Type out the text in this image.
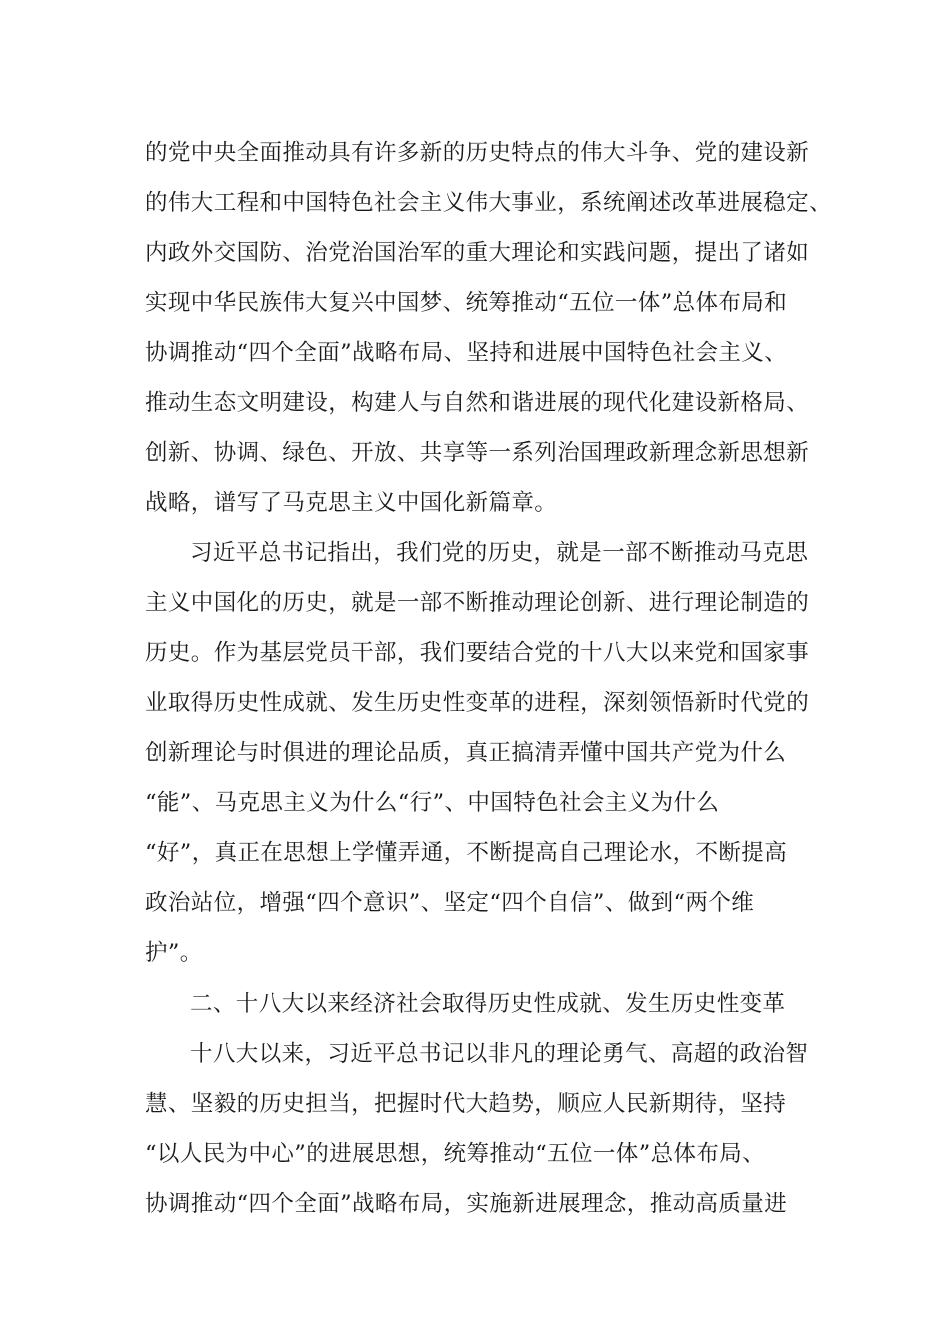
的党中央全面推动具有许多新的历史特点的伟大斗争、党的建设新
的伟大工程和中国特色社会主义伟大事业，系统阐述改革进展稳定、
内政外交国防、治党治国治军的重大理论和实践问题，提出了诸如
实现中华民族伟大复兴中国梦、统筹推动“五位一体”总体布局和
协调推动“四个全面”战略布局、坚持和进展中国特色社会主义、
推动生态文明建设，构建人与自然和谐进展的现代化建设新格局、
创新、协调、绿色、开放、共享等一系列治国理政新理念新思想新
战略，谱写了马克思主义中国化新篇章。
习近平总书记指出，我们党的历史，就是一部不断推动马克思
主义中国化的历史，就是一部不断推动理论创新、进行理论制造的
历史。作为基层党员干部，我们要结合党的十八大以来党和国家事
业取得历史性成就、发生历史性变革的进程，深刻领悟新时代党的
创新理论与时俱进的理论品质，真正搞清弄懂中国共产党为什么
“能”、马克思主义为什么“行”、中国特色社会主义为什么
“好”，真正在思想上学懂弄通，不断提高自己理论水，不断提高
政治站位，增强“四个意识”、坚定“四个自信”、做到“两个维
护”。
二、十八大以来经济社会取得历史性成就、发生历史性变革
十八大以来，习近平总书记以非凡的理论勇气、高超的政治智
慧、坚毅的历史担当，把握时代大趋势，顺应人民新期待，坚持
“以人民为中心”的进展思想，统筹推动“五位一体”总体布局、
协调推动“四个全面”战略布局，实施新进展理念，推动高质量进
